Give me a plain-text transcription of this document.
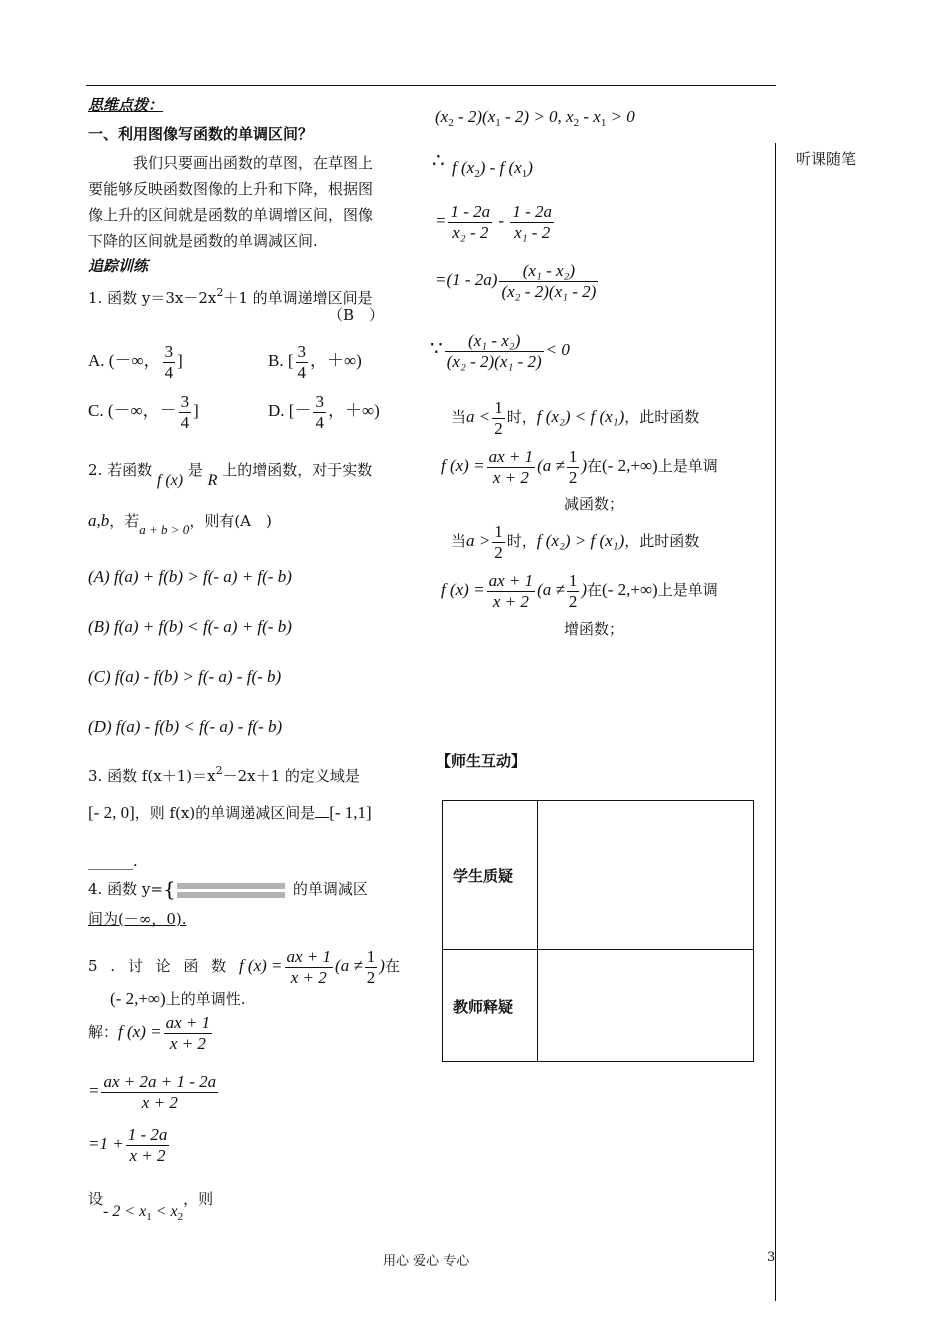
听课随笔
思维点拨：
一、利用图像写函数的单调区间？
我们只要画出函数的草图，在草图上
要能够反映函数图像的上升和下降，根据图
像上升的区间就是函数的单调增区间，图像
下降的区间就是函数的单调减区间.
追踪训练
1. 函数 $y=3x-2x^2+1$ 的单调递增区间是
（B　）
A. (－∞， $\frac{3}{4}$ ]	B. [ $\frac{3}{4}$ ，＋∞)
C. (－∞，－ $\frac{3}{4}$ ]	D. [－ $\frac{3}{4}$ ，＋∞)
2. 若函数 f (x) 是 R 上的增函数，对于实数
a,b，若a + b > 0，则有(A　)
(A) f(a) + f(b) > f(- a) + f(- b)
(B) f(a) + f(b) < f(- a) + f(- b)
(C) f(a) - f(b) > f(- a) - f(- b)
(D) f(a) - f(b) < f(- a) - f(- b)
3. 函数 $f(x+1)=x^2-2x+1$ 的定义域是
[- 2, 0]，则 f(x)的单调递减区间是 [- 1,1]
______.
4. 函数 y= {	的单调减区
间为(－∞，0).
5 . 讨 论 函 数 f $(x) = \frac{ax + 1}{x + 2} (a \ne \frac{1}{2}$ )在
(- 2,+∞)上的单调性.
解：f $(x) = \frac{ax + 1}{x + 2}$
= $\frac{ax + 2a + 1 - 2a}{x + 2}$
$=1 + \frac{1 - 2a}{x + 2}$
设- $2 < x_1 < x_2$，则
$(x_2 - 2)(x_1 - 2) > 0$, $x_2 - x_1 > 0$
∴ f $(x_2)$ - f $(x_1)$
= $\frac{1 - 2a}{\text{x₂ - 2}} - \frac{1 - 2a}{\text{x₁ - 2}}$
$=(1 - 2a) \frac{\text{(x₁ - x₂)}}{\text{(x₂ - 2)(x₁ - 2)}}$
∵ $\frac{\text{(x₁ - x₂)}}{\text{(x₂ - 2)(x₁ - 2)}} < 0$
当$a < \frac{1}{2}$ 时，f (x₂) < f (x₁)，此时函数
f $(x) = \frac{ax + 1}{x + 2} (a \ne \frac{1}{2}$ )在(- 2,+∞)上是单调
减函数；
当$a > \frac{1}{2}$ 时，f (x₂) > f (x₁)，此时函数
f $(x) = \frac{ax + 1}{x + 2} (a \ne \frac{1}{2}$ )在(- 2,+∞)上是单调
增函数；
【师生互动】
学生质疑
教师释疑
用心 爱心 专心	3
